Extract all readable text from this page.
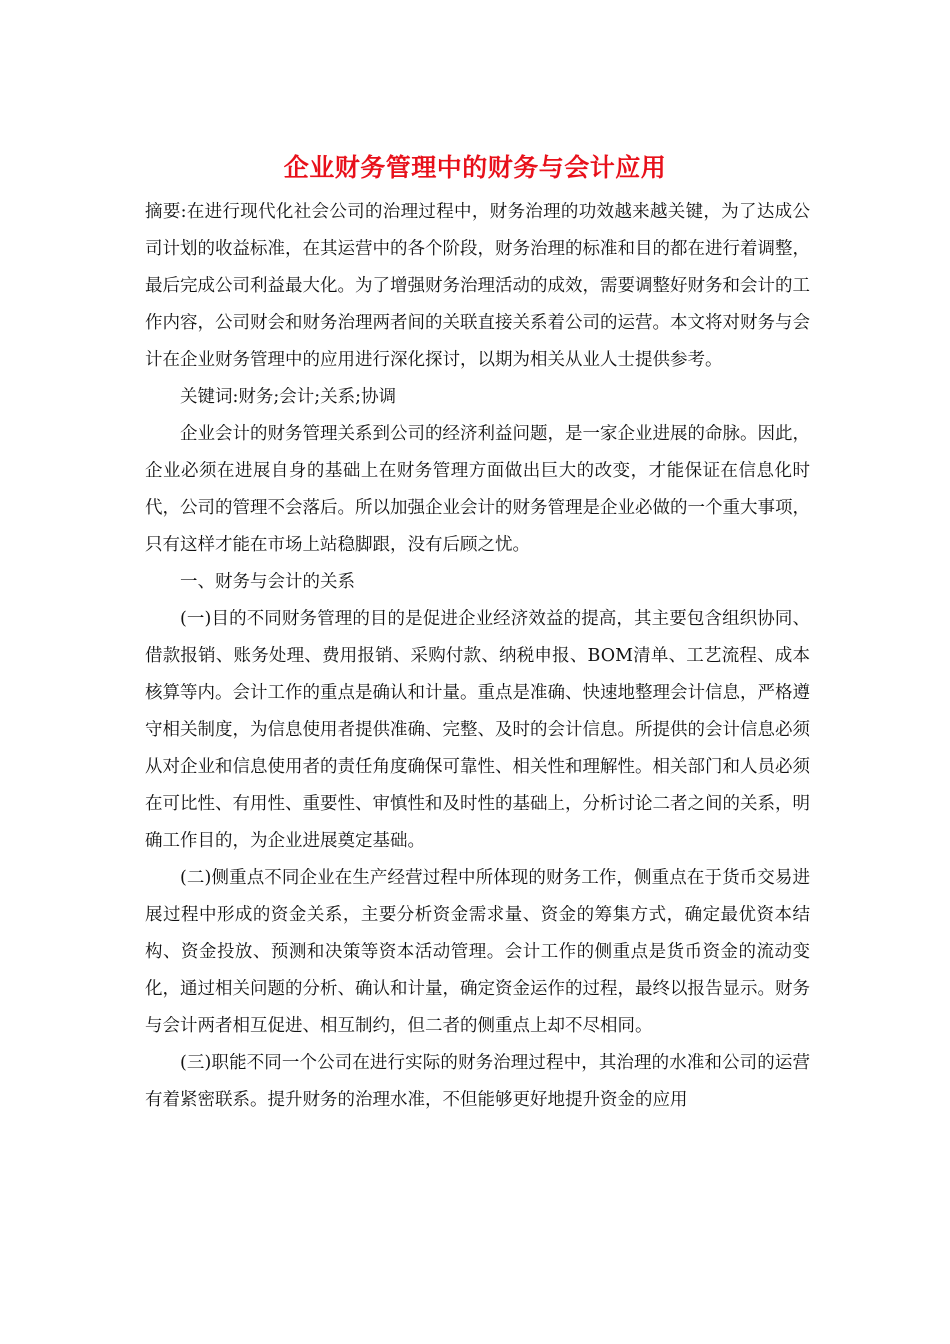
企业财务管理中的财务与会计应用

摘要:在进行现代化社会公司的治理过程中，财务治理的功效越来越关键，为了达成公司计划的收益标准，在其运营中的各个阶段，财务治理的标准和目的都在进行着调整，最后完成公司利益最大化。为了增强财务治理活动的成效，需要调整好财务和会计的工作内容，公司财会和财务治理两者间的关联直接关系着公司的运营。本文将对财务与会计在企业财务管理中的应用进行深化探讨，以期为相关从业人士提供参考。

关键词:财务;会计;关系;协调

企业会计的财务管理关系到公司的经济利益问题，是一家企业进展的命脉。因此，企业必须在进展自身的基础上在财务管理方面做出巨大的改变，才能保证在信息化时代，公司的管理不会落后。所以加强企业会计的财务管理是企业必做的一个重大事项，只有这样才能在市场上站稳脚跟，没有后顾之忧。

一、财务与会计的关系

(一)目的不同财务管理的目的是促进企业经济效益的提高，其主要包含组织协同、借款报销、账务处理、费用报销、采购付款、纳税申报、BOM清单、工艺流程、成本核算等内。会计工作的重点是确认和计量。重点是准确、快速地整理会计信息，严格遵守相关制度，为信息使用者提供准确、完整、及时的会计信息。所提供的会计信息必须从对企业和信息使用者的责任角度确保可靠性、相关性和理解性。相关部门和人员必须在可比性、有用性、重要性、审慎性和及时性的基础上，分析讨论二者之间的关系，明确工作目的，为企业进展奠定基础。

(二)侧重点不同企业在生产经营过程中所体现的财务工作，侧重点在于货币交易进展过程中形成的资金关系，主要分析资金需求量、资金的筹集方式，确定最优资本结构、资金投放、预测和决策等资本活动管理。会计工作的侧重点是货币资金的流动变化，通过相关问题的分析、确认和计量，确定资金运作的过程，最终以报告显示。财务与会计两者相互促进、相互制约，但二者的侧重点上却不尽相同。

(三)职能不同一个公司在进行实际的财务治理过程中，其治理的水准和公司的运营有着紧密联系。提升财务的治理水准，不但能够更好地提升资金的应用
